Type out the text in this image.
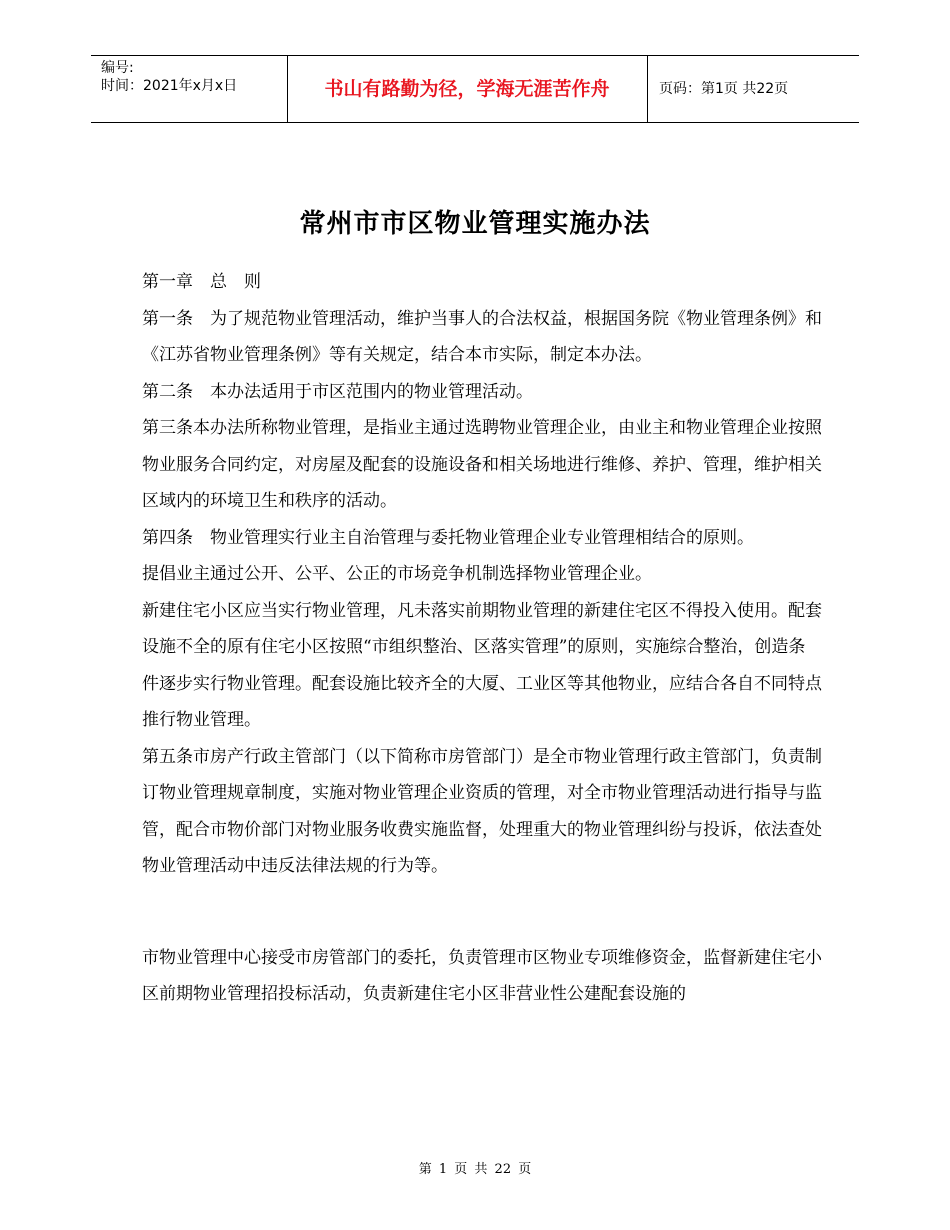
编号:
时间：2021年x月x日	书山有路勤为径，学海无涯苦作舟	页码：第1页 共22页
常州市市区物业管理实施办法

第一章　总　则

第一条　为了规范物业管理活动，维护当事人的合法权益，根据国务院《物业管理条例》和《江苏省物业管理条例》等有关规定，结合本市实际，制定本办法。

第二条　本办法适用于市区范围内的物业管理活动。

第三条本办法所称物业管理，是指业主通过选聘物业管理企业，由业主和物业管理企业按照物业服务合同约定，对房屋及配套的设施设备和相关场地进行维修、养护、管理，维护相关区域内的环境卫生和秩序的活动。

第四条　物业管理实行业主自治管理与委托物业管理企业专业管理相结合的原则。

提倡业主通过公开、公平、公正的市场竞争机制选择物业管理企业。

新建住宅小区应当实行物业管理，凡未落实前期物业管理的新建住宅区不得投入使用。配套设施不全的原有住宅小区按照“市组织整治、区落实管理”的原则，实施综合整治，创造条件逐步实行物业管理。配套设施比较齐全的大厦、工业区等其他物业，应结合各自不同特点推行物业管理。

第五条市房产行政主管部门（以下简称市房管部门）是全市物业管理行政主管部门，负责制订物业管理规章制度，实施对物业管理企业资质的管理，对全市物业管理活动进行指导与监管，配合市物价部门对物业服务收费实施监督，处理重大的物业管理纠纷与投诉，依法查处物业管理活动中违反法律法规的行为等。

市物业管理中心接受市房管部门的委托，负责管理市区物业专项维修资金，监督新建住宅小区前期物业管理招投标活动，负责新建住宅小区非营业性公建配套设施的

第 1 页 共 22 页
